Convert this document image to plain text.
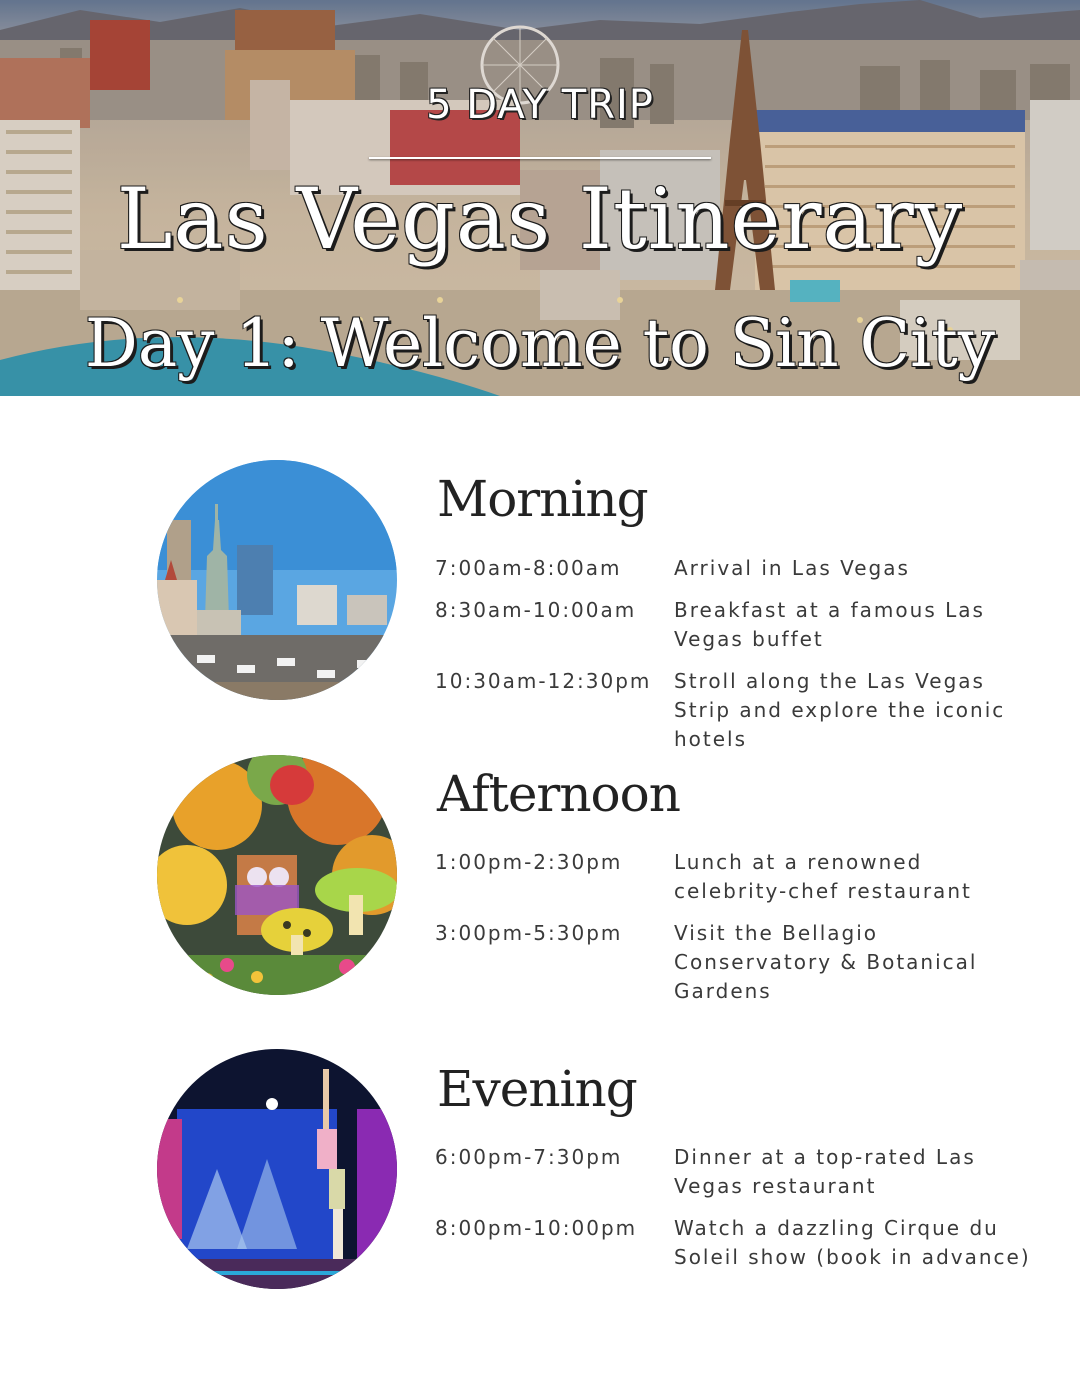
5 DAY TRIP
Las Vegas Itinerary
Day 1: Welcome to Sin City
Morning
7:00am-8:00am	Arrival in Las Vegas
8:30am-10:00am	Breakfast at a famous Las Vegas buffet
10:30am-12:30pm	Stroll along the Las Vegas Strip and explore the iconic hotels
Afternoon
1:00pm-2:30pm	Lunch at a renowned celebrity-chef restaurant
3:00pm-5:30pm	Visit the Bellagio Conservatory & Botanical Gardens
Evening
6:00pm-7:30pm	Dinner at a top-rated Las Vegas restaurant
8:00pm-10:00pm	Watch a dazzling Cirque du Soleil show (book in advance)
